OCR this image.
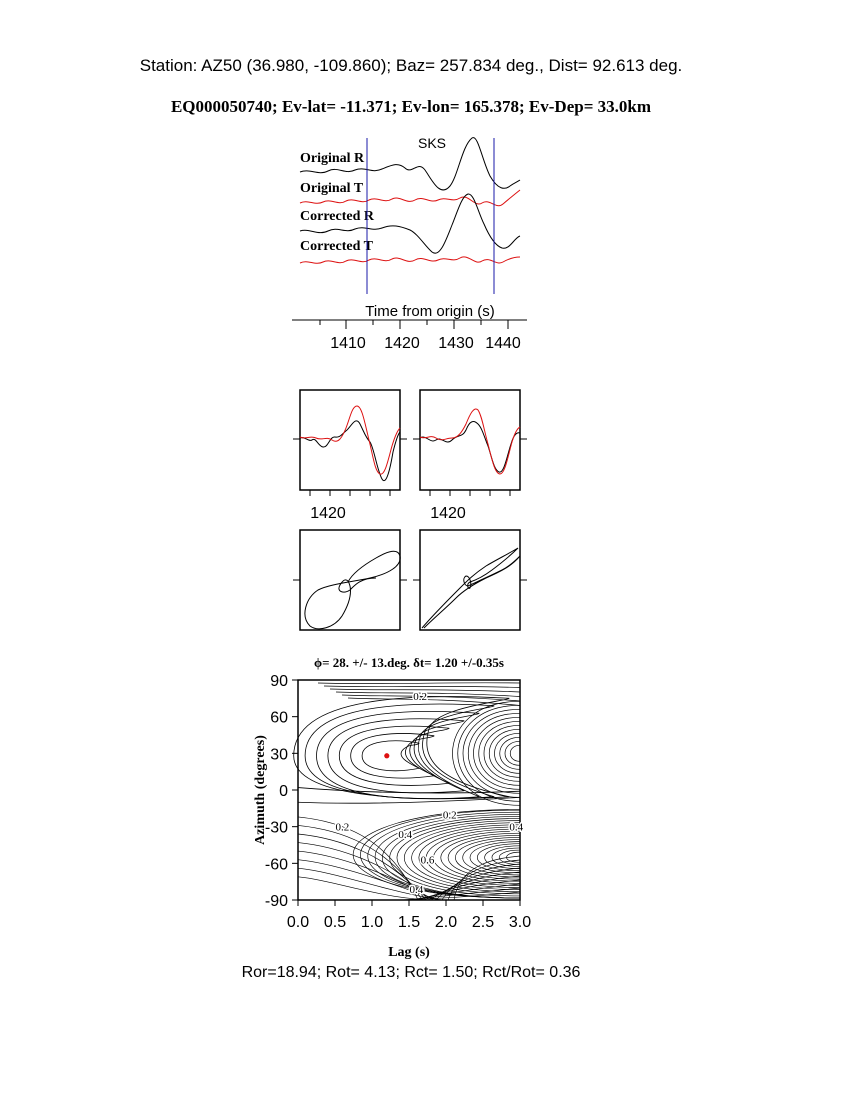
Station: AZ50 (36.980, -109.860); Baz= 257.834 deg., Dist= 92.613 deg.
EQ000050740; Ev-lat= -11.371; Ev-lon= 165.378; Ev-Dep= 33.0km
SKS
Original R
Original T
Corrected R
Corrected T
Time from origin (s)
1410 1420 1430 1440
1420	1420
ϕ= 28. +/- 13.deg. δt= 1.20 +/-0.35s
0.2
0.2
0.2
0.4
0.4
0.6
0.4
0.0 0.5 1.0 1.5 2.0 2.5 3.0
90
60
30
0
-30
-60
-90
Lag (s)
Azimuth (degrees)
Ror=18.94; Rot= 4.13; Rct= 1.50; Rct/Rot= 0.36
